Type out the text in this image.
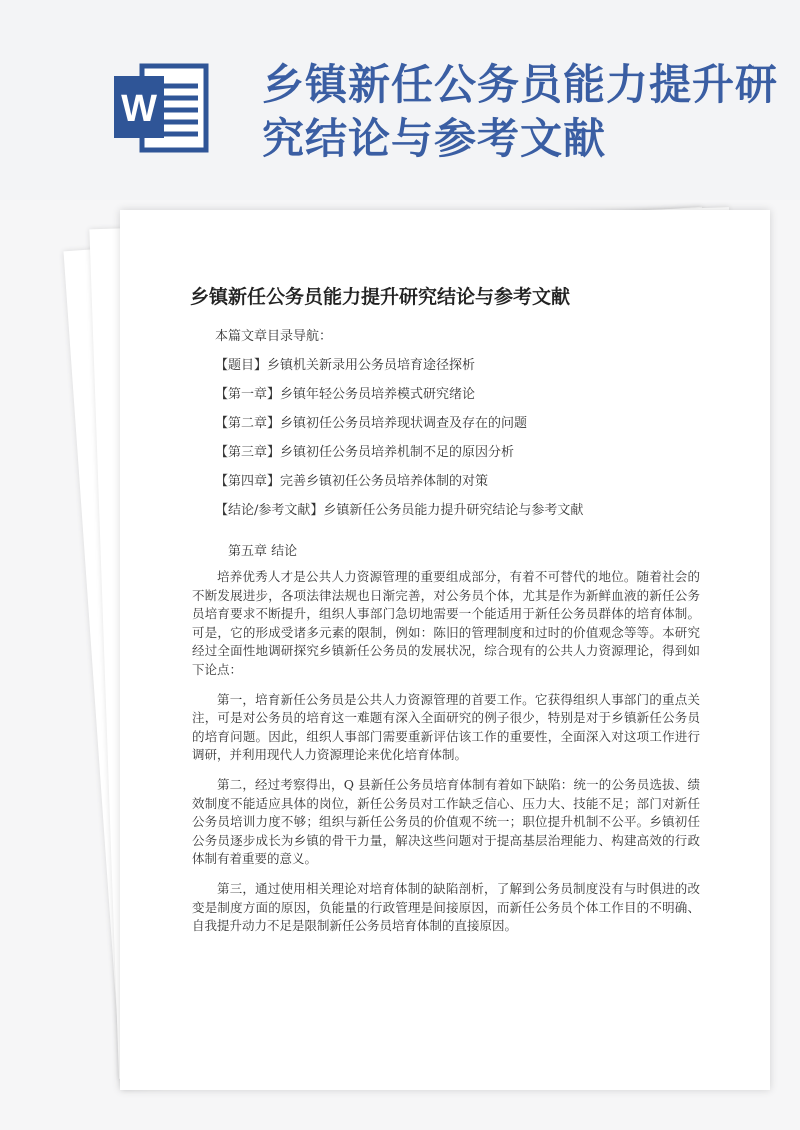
W	乡镇新任公务员能力提升研究结论与参考文献
乡镇新任公务员能力提升研究结论与参考文献
本篇文章目录导航：
【题目】乡镇机关新录用公务员培育途径探析
【第一章】乡镇年轻公务员培养模式研究绪论
【第二章】乡镇初任公务员培养现状调查及存在的问题
【第三章】乡镇初任公务员培养机制不足的原因分析
【第四章】完善乡镇初任公务员培养体制的对策
【结论/参考文献】乡镇新任公务员能力提升研究结论与参考文献
第五章 结论

培养优秀人才是公共人力资源管理的重要组成部分，有着不可替代的地位。随着社会的不断发展进步，各项法律法规也日渐完善，对公务员个体，尤其是作为新鲜血液的新任公务员培育要求不断提升，组织人事部门急切地需要一个能适用于新任公务员群体的培育体制。可是，它的形成受诸多元素的限制，例如：陈旧的管理制度和过时的价值观念等等。本研究经过全面性地调研探究乡镇新任公务员的发展状况，综合现有的公共人力资源理论，得到如下论点：

第一，培育新任公务员是公共人力资源管理的首要工作。它获得组织人事部门的重点关注，可是对公务员的培育这一难题有深入全面研究的例子很少，特别是对于乡镇新任公务员的培育问题。因此，组织人事部门需要重新评估该工作的重要性，全面深入对这项工作进行调研，并利用现代人力资源理论来优化培育体制。

第二，经过考察得出，Q 县新任公务员培育体制有着如下缺陷：统一的公务员选拔、绩效制度不能适应具体的岗位，新任公务员对工作缺乏信心、压力大、技能不足；部门对新任公务员培训力度不够；组织与新任公务员的价值观不统一；职位提升机制不公平。乡镇初任公务员逐步成长为乡镇的骨干力量，解决这些问题对于提高基层治理能力、构建高效的行政体制有着重要的意义。

第三，通过使用相关理论对培育体制的缺陷剖析，了解到公务员制度没有与时俱进的改变是制度方面的原因，负能量的行政管理是间接原因，而新任公务员个体工作目的不明确、自我提升动力不足是限制新任公务员培育体制的直接原因。
